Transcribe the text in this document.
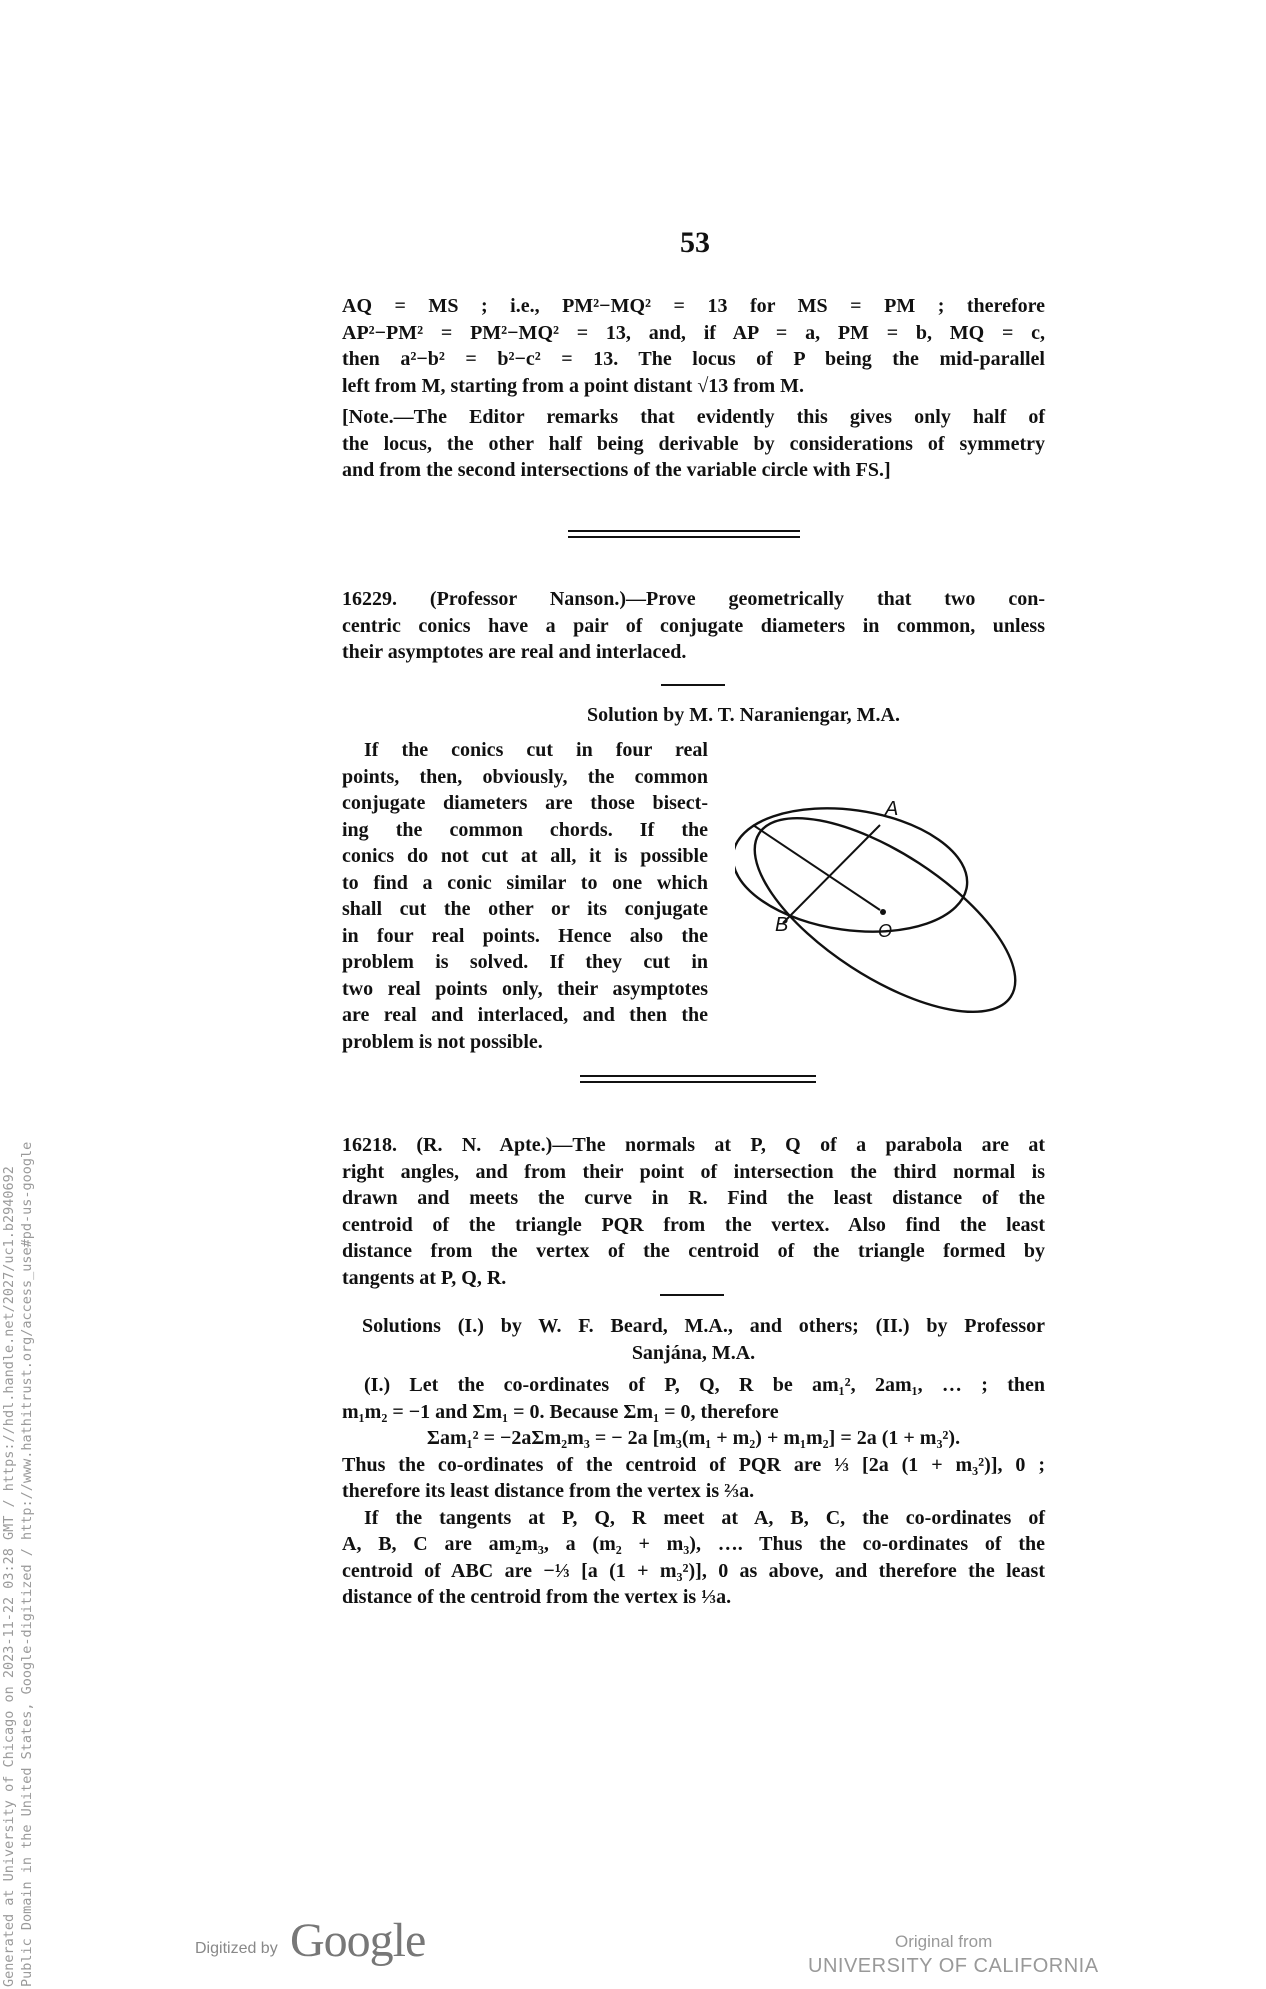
Generated at University of Chicago on 2023-11-22 03:28 GMT / https://hdl.handle.net/2027/uc1.b2940692 Public Domain in the United States, Google-digitized / http://www.hathitrust.org/access_use#pd-us-google
53
AQ = MS ; i.e., PM²−MQ² = 13 for MS = PM ; therefore
AP²−PM² = PM²−MQ² = 13, and, if AP = a, PM = b, MQ = c,
then a²−b² = b²−c² = 13. The locus of P being the mid-parallel
left from M, starting from a point distant √13 from M.
[Note.—The Editor remarks that evidently this gives only half of
the locus, the other half being derivable by considerations of symmetry
and from the second intersections of the variable circle with FS.]
16229. (Professor Nanson.)—Prove geometrically that two con-
centric conics have a pair of conjugate diameters in common, unless
their asymptotes are real and interlaced.
Solution by M. T. Naraniengar, M.A.
If the conics cut in four real
points, then, obviously, the common
conjugate diameters are those bisect-
ing the common chords. If the
conics do not cut at all, it is possible
to find a conic similar to one which
shall cut the other or its conjugate
in four real points. Hence also the
problem is solved. If they cut in
two real points only, their asymptotes
are real and interlaced, and then the
problem is not possible.
A
B	O
16218. (R. N. Apte.)—The normals at P, Q of a parabola are at
right angles, and from their point of intersection the third normal is
drawn and meets the curve in R. Find the least distance of the
centroid of the triangle PQR from the vertex. Also find the least
distance from the vertex of the centroid of the triangle formed by
tangents at P, Q, R.
Solutions (I.) by W. F. Beard, M.A., and others; (II.) by Professor
Sanjána, M.A.
(I.) Let the co-ordinates of P, Q, R be am₁², 2am₁, … ; then
m₁m₂ = −1 and Σm₁ = 0. Because Σm₁ = 0, therefore
Σam₁² = −2aΣm₂m₃ = − 2a [m₃(m₁ + m₂) + m₁m₂] = 2a (1 + m₃²).
Thus the co-ordinates of the centroid of PQR are ⅓ [2a (1 + m₃²)], 0 ;
therefore its least distance from the vertex is ⅔a.
If the tangents at P, Q, R meet at A, B, C, the co-ordinates of
A, B, C are am₂m₃, a (m₂ + m₃), …. Thus the co-ordinates of the
centroid of ABC are −⅓ [a (1 + m₃²)], 0 as above, and therefore the least
distance of the centroid from the vertex is ⅓a.
Digitized by Google	Original from
UNIVERSITY OF CALIFORNIA
